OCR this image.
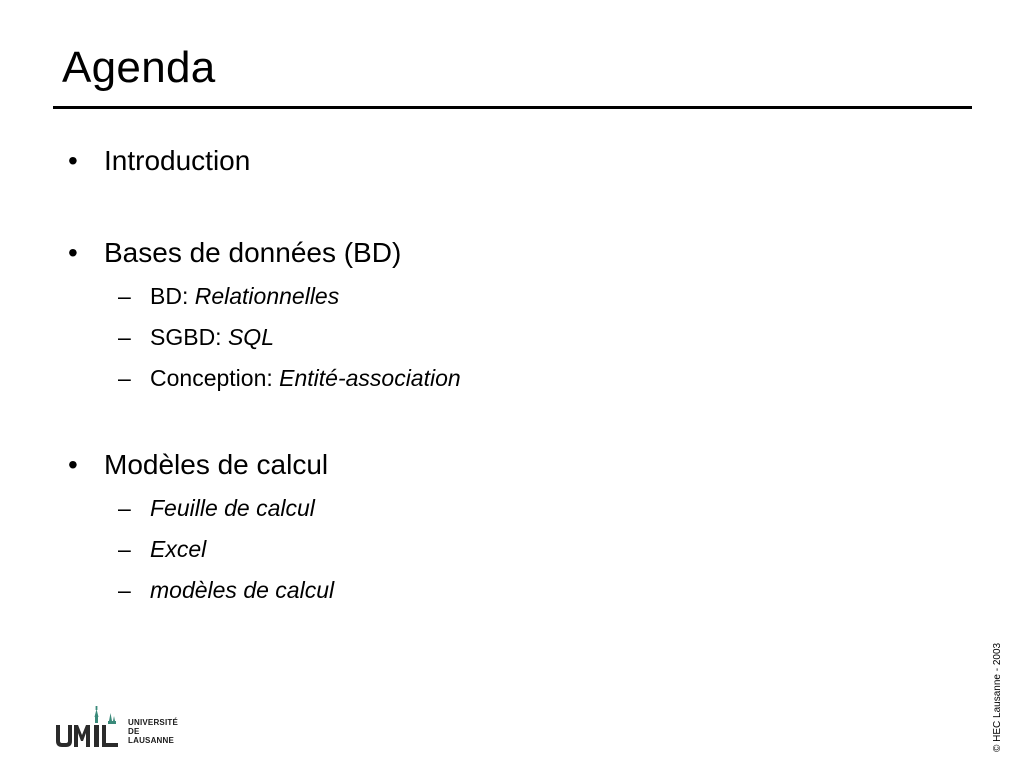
Agenda
• Introduction
• Bases de données (BD)
– BD: Relationnelles
– SGBD: SQL
– Conception: Entité-association
• Modèles de calcul
– Feuille de calcul
– Excel
– modèles de calcul
© HEC Lausanne - 2003
UNIVERSITÉ
DE
LAUSANNE
